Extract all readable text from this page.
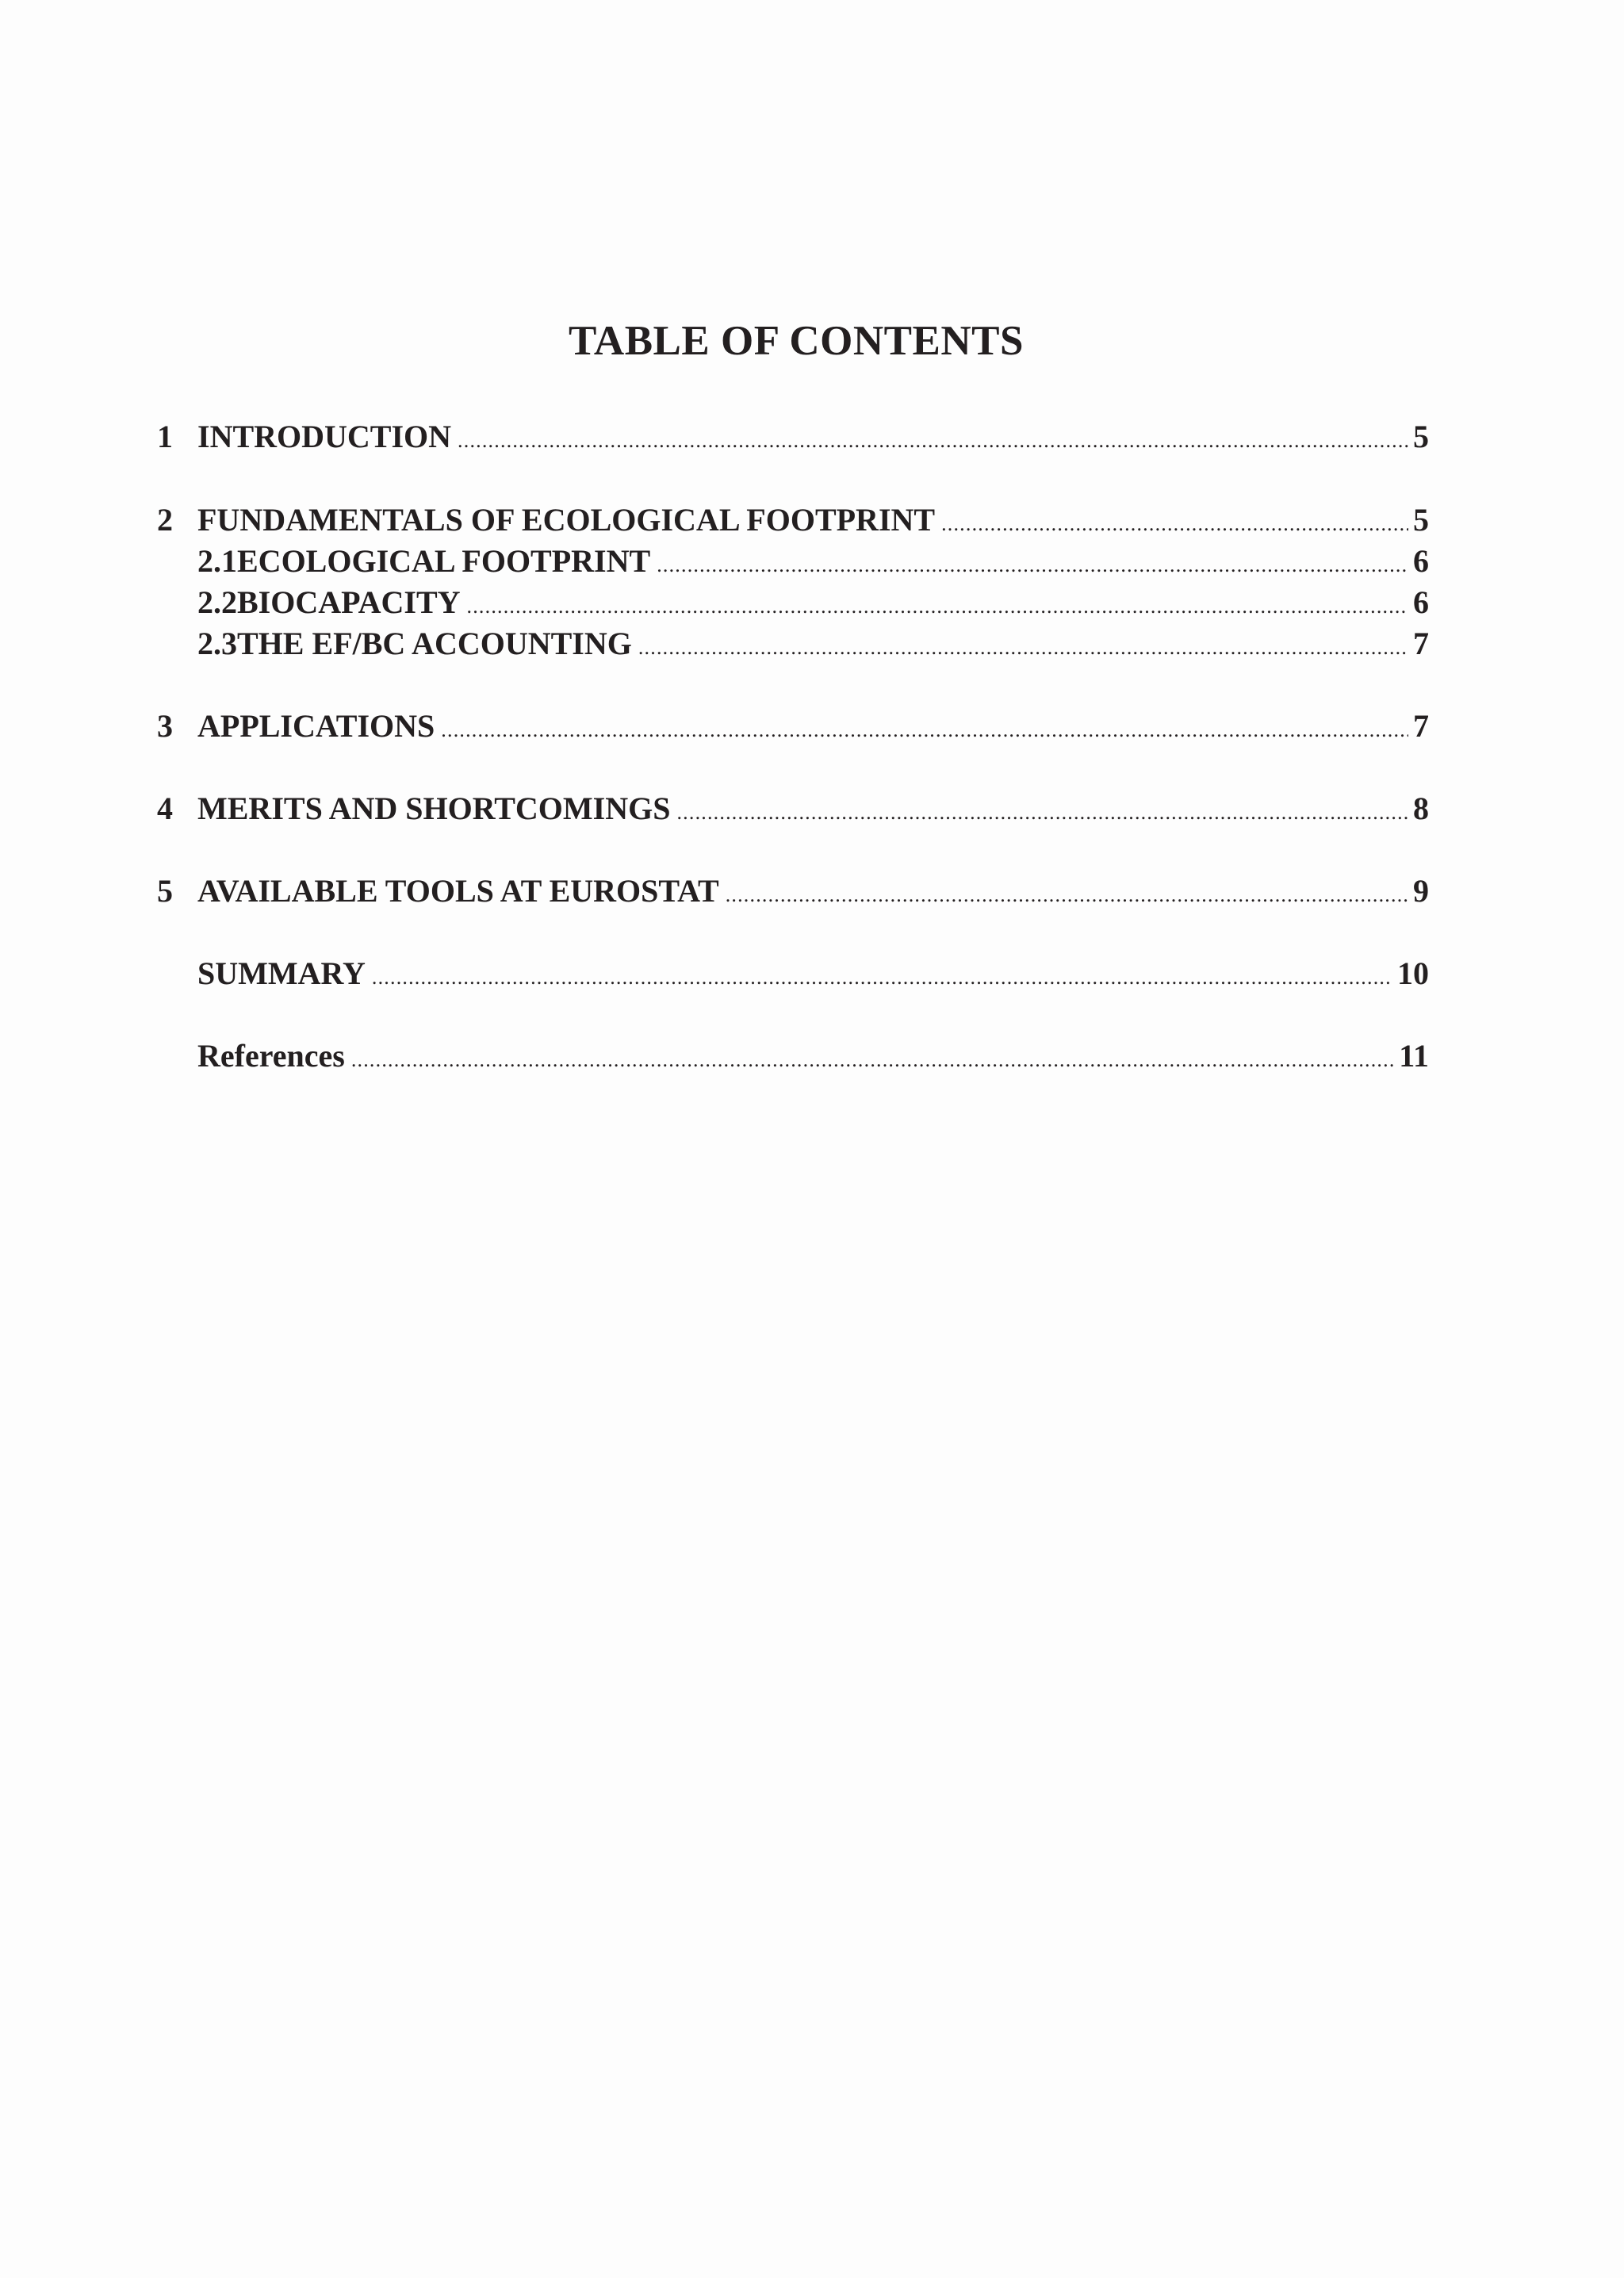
TABLE OF CONTENTS
1 INTRODUCTION .....	5
2 FUNDAMENTALS OF ECOLOGICAL FOOTPRINT .....	5
2.1ECOLOGICAL FOOTPRINT .....	6
2.2BIOCAPACITY .....	6
2.3THE EF/BC ACCOUNTING .....	7
3 APPLICATIONS .....	7
4 MERITS AND SHORTCOMINGS .....	8
5 AVAILABLE TOOLS AT EUROSTAT .....	9
SUMMARY .....	10
References .....	11
